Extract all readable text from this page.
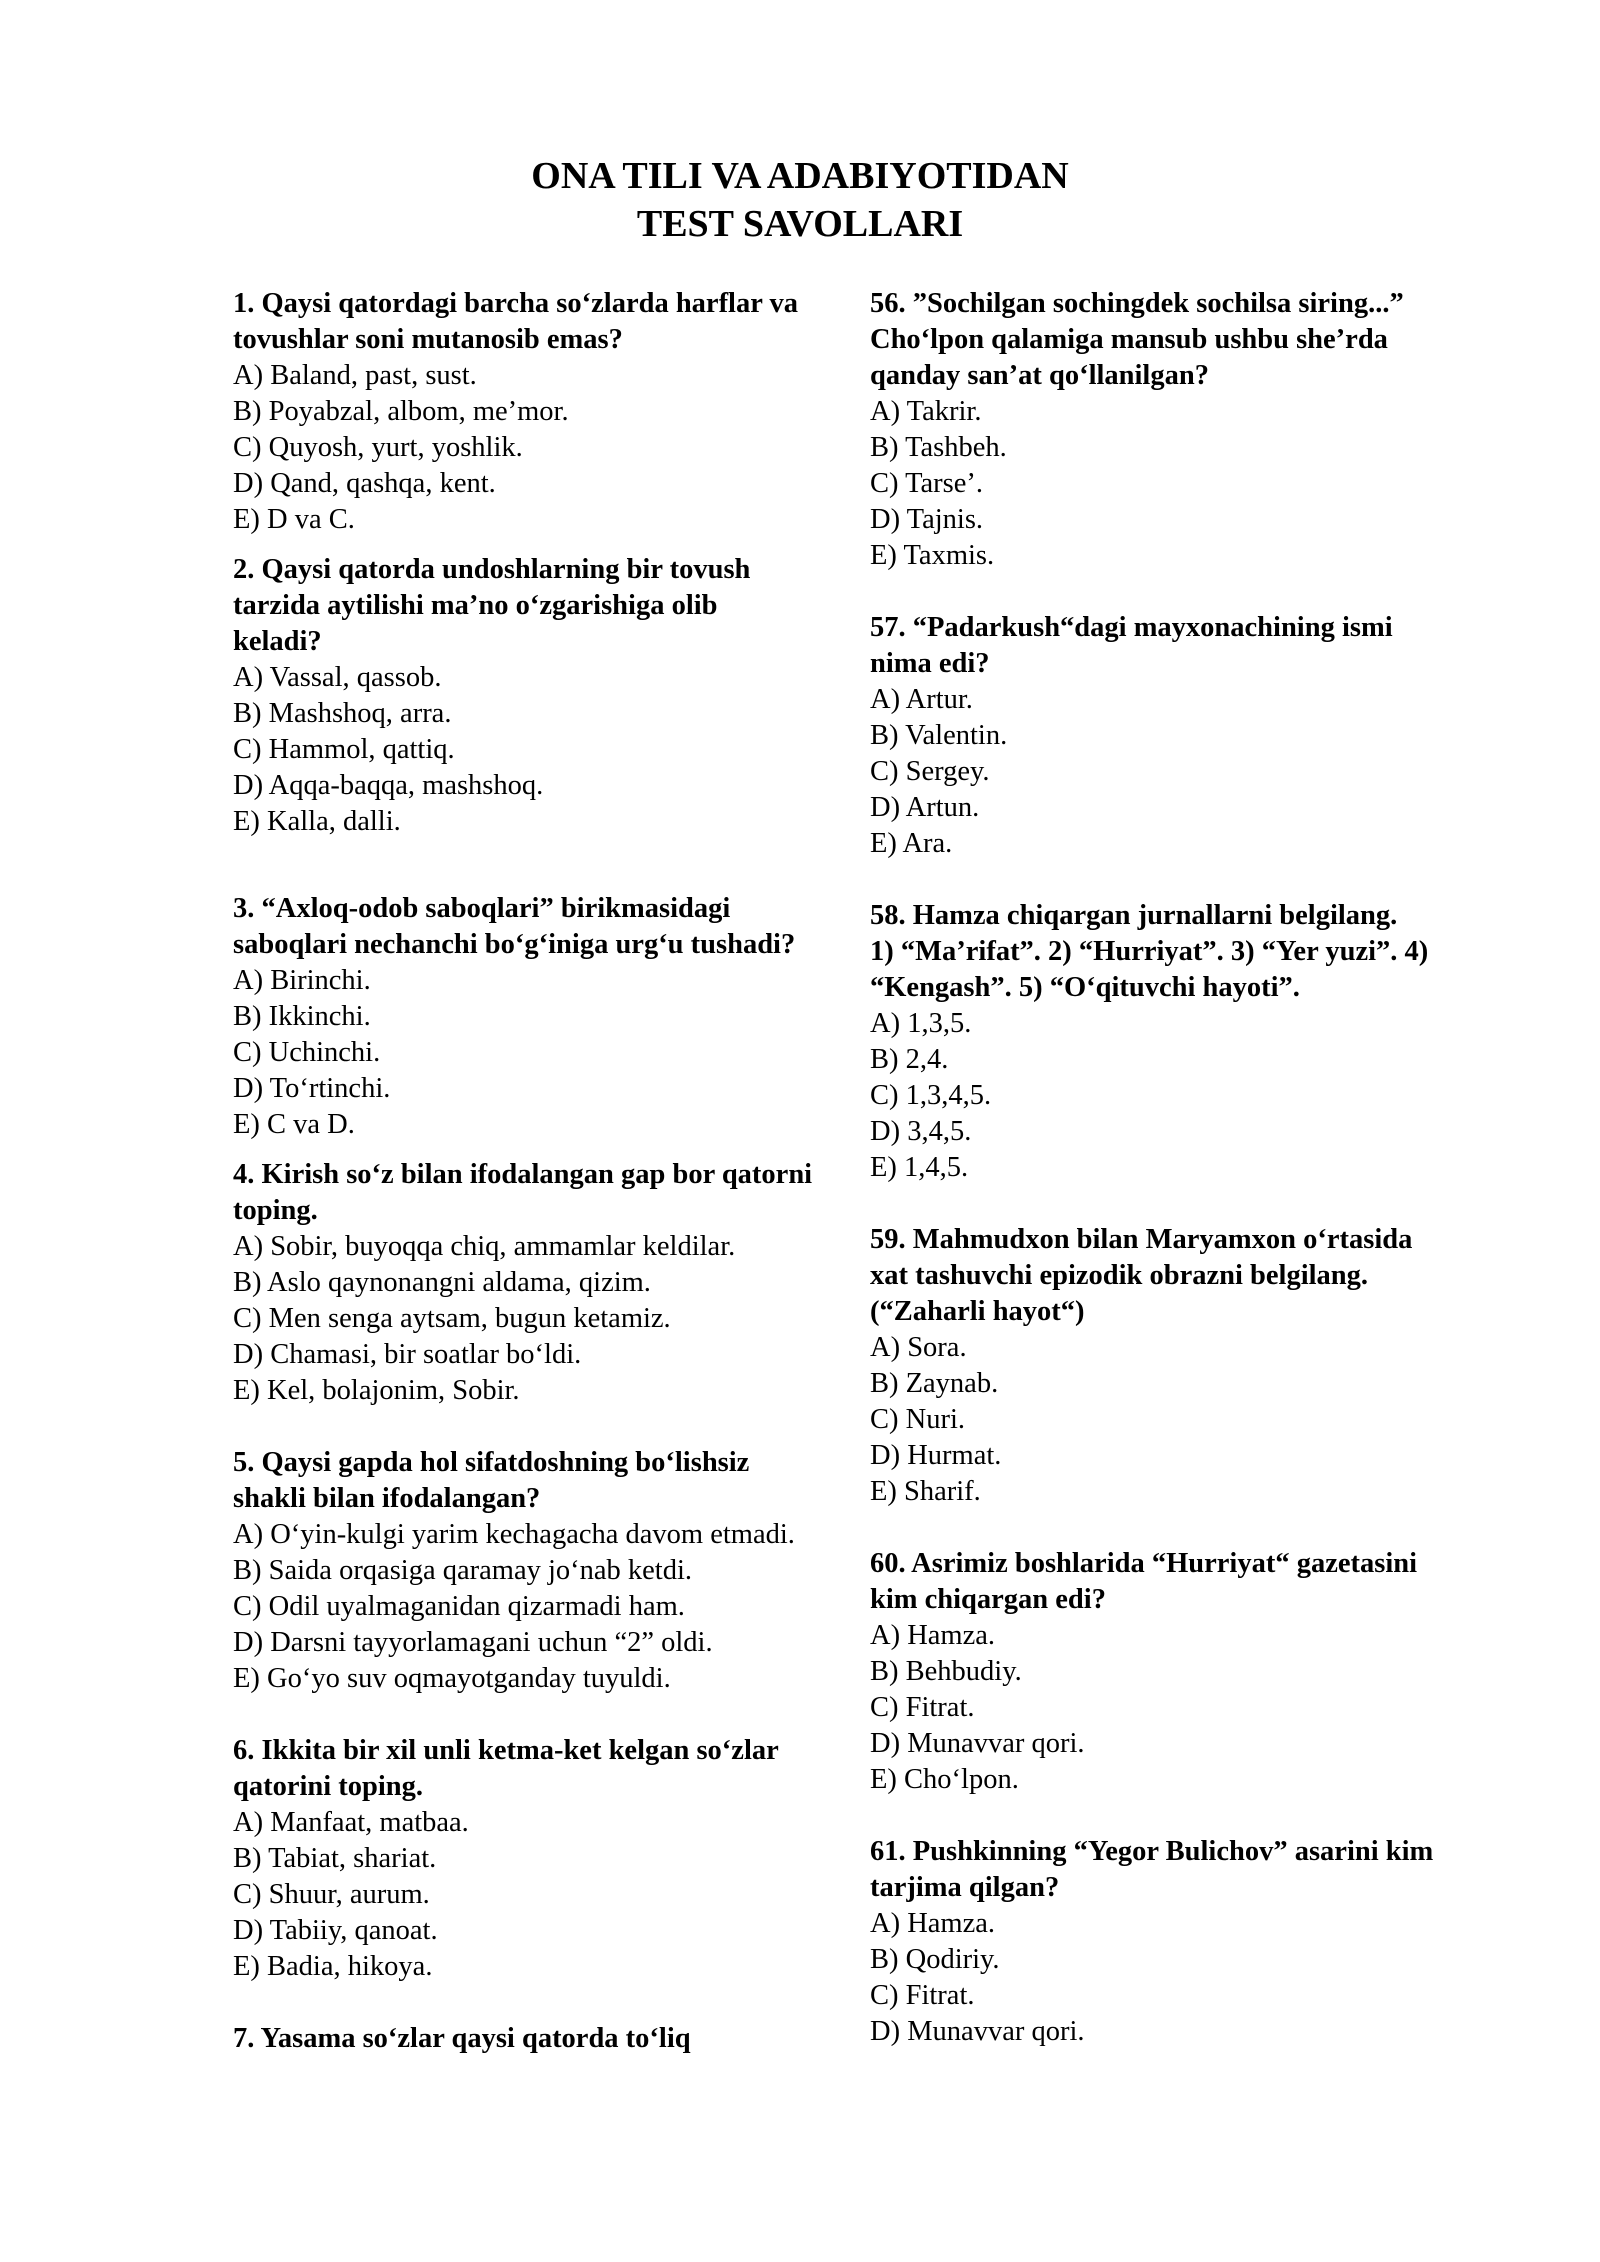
ONA TILI VA ADABIYOTIDAN
TEST SAVOLLARI
1. Qaysi qatordagi barcha so‘zlarda harflar va
tovushlar soni mutanosib emas?
A) Baland, past, sust.
B) Poyabzal, albom, me’mor.
C) Quyosh, yurt, yoshlik.
D) Qand, qashqa, kent.
E) D va C.
2. Qaysi qatorda undoshlarning bir tovush
tarzida aytilishi ma’no o‘zgarishiga olib
keladi?
A) Vassal, qassob.
B) Mashshoq, arra.
C) Hammol, qattiq.
D) Aqqa-baqqa, mashshoq.
E) Kalla, dalli.
3. “Axloq-odob saboqlari” birikmasidagi
saboqlari nechanchi bo‘g‘iniga urg‘u tushadi?
A) Birinchi.
B) Ikkinchi.
C) Uchinchi.
D) To‘rtinchi.
E) C va D.
4. Kirish so‘z bilan ifodalangan gap bor qatorni
toping.
A) Sobir, buyoqqa chiq, ammamlar keldilar.
B) Aslo qaynonangni aldama, qizim.
C) Men senga aytsam, bugun ketamiz.
D) Chamasi, bir soatlar bo‘ldi.
E) Kel, bolajonim, Sobir.
5. Qaysi gapda hol sifatdoshning bo‘lishsiz
shakli bilan ifodalangan?
A) O‘yin-kulgi yarim kechagacha davom etmadi.
B) Saida orqasiga qaramay jo‘nab ketdi.
C) Odil uyalmaganidan qizarmadi ham.
D) Darsni tayyorlamagani uchun “2” oldi.
E) Go‘yo suv oqmayotganday tuyuldi.
6. Ikkita bir xil unli ketma-ket kelgan so‘zlar
qatorini toping.
A) Manfaat, matbaa.
B) Tabiat, shariat.
C) Shuur, aurum.
D) Tabiiy, qanoat.
E) Badia, hikoya.
7. Yasama so‘zlar qaysi qatorda to‘liq
56. ”Sochilgan sochingdek sochilsa siring...”
Cho‘lpon qalamiga mansub ushbu she’rda
qanday san’at qo‘llanilgan?
A) Takrir.
B) Tashbeh.
C) Tarse’.
D) Tajnis.
E) Taxmis.
57. “Padarkush“dagi mayxonachining ismi
nima edi?
A) Artur.
B) Valentin.
C) Sergey.
D) Artun.
E) Ara.
58. Hamza chiqargan jurnallarni belgilang.
1) “Ma’rifat”. 2) “Hurriyat”. 3) “Yer yuzi”. 4)
“Kengash”. 5) “O‘qituvchi hayoti”.
A) 1,3,5.
B) 2,4.
C) 1,3,4,5.
D) 3,4,5.
E) 1,4,5.
59. Mahmudxon bilan Maryamxon o‘rtasida
xat tashuvchi epizodik obrazni belgilang.
(“Zaharli hayot“)
A) Sora.
B) Zaynab.
C) Nuri.
D) Hurmat.
E) Sharif.
60. Asrimiz boshlarida “Hurriyat“ gazetasini
kim chiqargan edi?
A) Hamza.
B) Behbudiy.
C) Fitrat.
D) Munavvar qori.
E) Cho‘lpon.
61. Pushkinning “Yegor Bulichov” asarini kim
tarjima qilgan?
A) Hamza.
B) Qodiriy.
C) Fitrat.
D) Munavvar qori.
